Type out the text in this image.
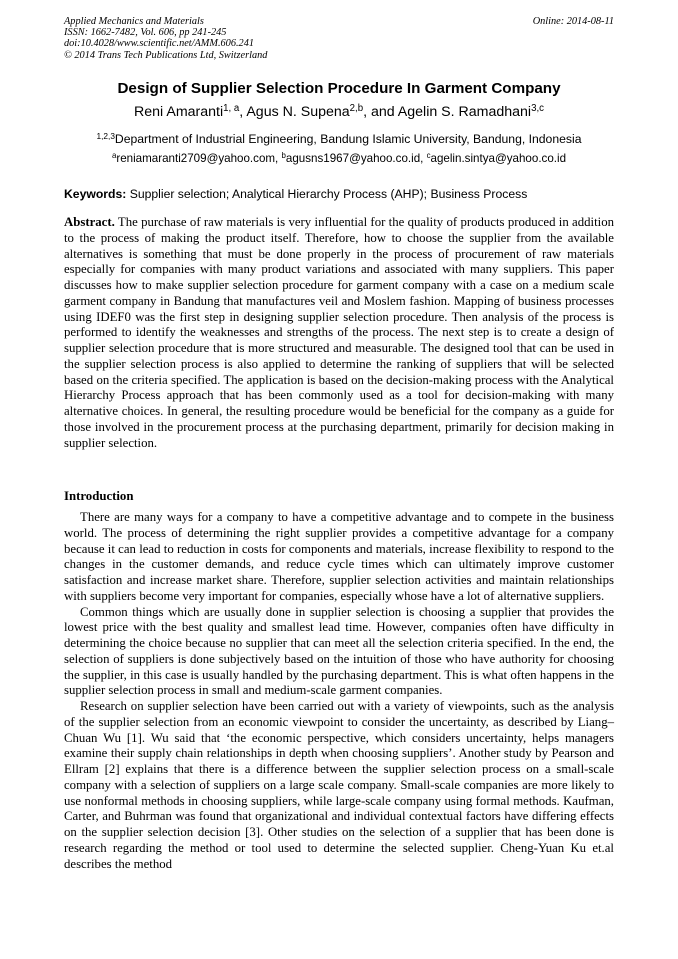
Applied Mechanics and Materials
ISSN: 1662-7482, Vol. 606, pp 241-245
doi:10.4028/www.scientific.net/AMM.606.241
© 2014 Trans Tech Publications Ltd, Switzerland
Online: 2014-08-11
Design of Supplier Selection Procedure In Garment Company
Reni Amaranti$^{1, a}$, Agus N. Supena$^{2,b}$, and Agelin S. Ramadhani$^{3,c}$
$^{1,2,3}$Department of Industrial Engineering, Bandung Islamic University, Bandung, Indonesia
$^a$reniamaranti2709@yahoo.com, $^b$agusns1967@yahoo.co.id, $^c$agelin.sintya@yahoo.co.id
Keywords: Supplier selection; Analytical Hierarchy Process (AHP); Business Process
Abstract. The purchase of raw materials is very influential for the quality of products produced in addition to the process of making the product itself. Therefore, how to choose the supplier from the available alternatives is something that must be done properly in the process of procurement of raw materials especially for companies with many product variations and associated with many suppliers. This paper discusses how to make supplier selection procedure for garment company with a case on a medium scale garment company in Bandung that manufactures veil and Moslem fashion. Mapping of business processes using IDEF0 was the first step in designing supplier selection procedure. Then analysis of the process is performed to identify the weaknesses and strengths of the process. The next step is to create a design of supplier selection procedure that is more structured and measurable. The designed tool that can be used in the supplier selection process is also applied to determine the ranking of suppliers that will be selected based on the criteria specified. The application is based on the decision-making process with the Analytical Hierarchy Process approach that has been commonly used as a tool for decision-making with many alternative choices. In general, the resulting procedure would be beneficial for the company as a guide for those involved in the procurement process at the purchasing department, primarily for decision making in supplier selection.
Introduction

There are many ways for a company to have a competitive advantage and to compete in the business world. The process of determining the right supplier provides a competitive advantage for a company because it can lead to reduction in costs for components and materials, increase flexibility to respond to the changes in the customer demands, and reduce cycle times which can ultimately improve customer satisfaction and increase market share. Therefore, supplier selection activities and maintain relationships with suppliers become very important for companies, especially whose have a lot of alternative suppliers.

Common things which are usually done in supplier selection is choosing a supplier that provides the lowest price with the best quality and smallest lead time. However, companies often have difficulty in determining the choice because no supplier that can meet all the selection criteria specified. In the end, the selection of suppliers is done subjectively based on the intuition of those who have authority for choosing the supplier, in this case is usually handled by the purchasing department. This is what often happens in the supplier selection process in small and medium-scale garment companies.

Research on supplier selection have been carried out with a variety of viewpoints, such as the analysis of the supplier selection from an economic viewpoint to consider the uncertainty, as described by Liang–Chuan Wu [1]. Wu said that ‘the economic perspective, which considers uncertainty, helps managers examine their supply chain relationships in depth when choosing suppliers’. Another study by Pearson and Ellram [2] explains that there is a difference between the supplier selection process on a small-scale company with a selection of suppliers on a large scale company. Small-scale companies are more likely to use nonformal methods in choosing suppliers, while large-scale company using formal methods. Kaufman, Carter, and Buhrman was found that organizational and individual contextual factors have differing effects on the supplier selection decision [3]. Other studies on the selection of a supplier that has been done is research regarding the method or tool used to determine the selected supplier. Cheng-Yuan Ku et.al describes the method
